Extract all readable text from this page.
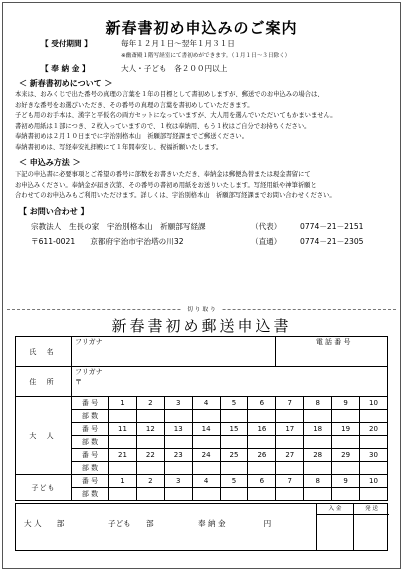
新春書初め申込みのご案内
【 受付期間 】	毎年１２月１日〜翌年１月３１日
※幽斎殿１階写経室にて書初めができます。（１月１日〜３日除く）
【 奉 納 金 】	大人・子ども　各２００円以上
＜ 新春書初めについて ＞
本来は、おみくじで出た番号の真理の言葉を１年の目標として書初めしますが、郵送でのお申込みの場合は、
お好きな番号をお選びいただき、その番号の真理の言葉を書初めしていただきます。
子ども用のお手本は、漢字と平仮名の両方セットになっていますが、大人用を選んでいただいてもかまいません。
書初め用紙は１部につき、２枚入っていますので、１枚は奉納用、もう１枚はご自分でお持ちください。
奉納書初めは２月１０日までに宇治別格本山　祈願部写経課までご郵送ください。
奉納書初めは、写経奉安礼拝殿にて１年間奉安し、祝福祈願いたします。
＜ 申込み方法 ＞
下記の申込書に必要事項とご希望の番号に部数をお書きいただき、奉納金は郵便為替または現金書留にて
お申込みください。奉納金が届き次第、その番号の書初め用紙をお送りいたします。写経用紙や神筆祈願と
合わせてのお申込みもご利用いただけます。詳しくは、宇治別格本山　祈願部写経課までお問い合わせください。
【 お問い合わせ 】
宗教法人　生長の家　宇治別格本山　祈願部写経課	（代表） 0774－21－2151
〒611-0021　　京都府宇治市宇治塔の川32	（直通） 0774－21－2305
切 り 取 り
新春書初め郵送申込書
氏 名	フリガナ							電 話 番 号			
住 所	フリガナ
〒										

大 人	番 号	1	2	3	4	5	6	7	8	9	10
	部 数										
	番 号	11	12	13	14	15	16	17	18	19	20
	部 数										
	番 号	21	22	23	24	25	26	27	28	29	30
	部 数										
子ども	番 号	1	2	3	4	5	6	7	8	9	10
	部 数										
大 人　　部	子ども　　部	奉 納 金　　　　　円
入 金	発 送
